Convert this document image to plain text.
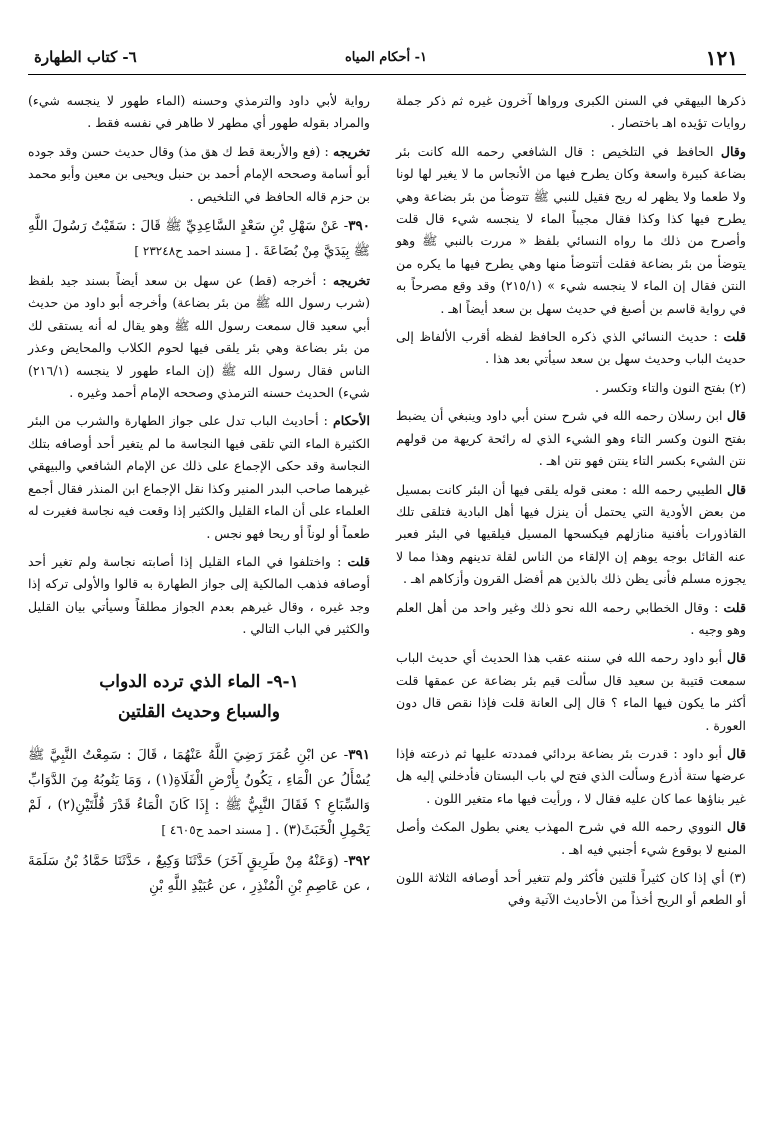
١٢١
١- أحكام المياه
٦- كتاب الطهارة

ذكرها البيهقي في السنن الكبرى ورواها آخرون غيره ثم ذكر جملة روايات تؤيده اهـ باختصار .

وقال الحافظ في التلخيص : قال الشافعي رحمه الله كانت بئر بضاعة كبيرة واسعة وكان يطرح فيها من الأنجاس ما لا يغير لها لونا ولا طعما ولا يظهر له ريح فقيل للنبي ﷺ تتوضأ من بئر بضاعة وهي يطرح فيها كذا وكذا فقال مجيباً الماء لا ينجسه شيء قال قلت وأصرح من ذلك ما رواه النسائي بلفظ « مررت بالنبي ﷺ وهو يتوضأ من بئر بضاعة فقلت أتتوضأ منها وهي يطرح فيها ما يكره من النتن فقال إن الماء لا ينجسه شيء » (٢١٥/١) وقد وقع مصرحاً به في رواية قاسم بن أصبغ في حديث سهل بن سعد أيضاً اهـ .

قلت : حديث النسائي الذي ذكره الحافظ لفظه أقرب الألفاظ إلى حديث الباب وحديث سهل بن سعد سيأتي بعد هذا .

(٢) بفتح النون والتاء وتكسر .

قال ابن رسلان رحمه الله في شرح سنن أبي داود وينبغي أن يضبط بفتح النون وكسر التاء وهو الشيء الذي له رائحة كريهة من قولهم نتن الشيء بكسر التاء ينتن فهو نتن اهـ .

قال الطيبي رحمه الله : معنى قوله يلقى فيها أن البئر كانت بمسيل من بعض الأودية التي يحتمل أن ينزل فيها أهل البادية فتلقى تلك القاذورات بأفنية منازلهم فيكسحها المسيل فيلقيها في البئر فعبر عنه القائل بوجه يوهم إن الإلقاء من الناس لقلة تدينهم وهذا مما لا يجوزه مسلم فأنى يظن ذلك بالذين هم أفضل القرون وأزكاهم اهـ .

قلت : وقال الخطابي رحمه الله نحو ذلك وغير واحد من أهل العلم وهو وجيه .

قال أبو داود رحمه الله في سننه عقب هذا الحديث أي حديث الباب سمعت قتيبة بن سعيد قال سألت قيم بئر بضاعة عن عمقها قلت أكثر ما يكون فيها الماء ؟ قال إلى العانة قلت فإذا نقص قال دون العورة .

قال أبو داود : قدرت بئر بضاعة بردائي فمددته عليها ثم ذرعته فإذا عرضها ستة أذرع وسألت الذي فتح لي باب البستان فأدخلني إليه هل غير بناؤها عما كان عليه فقال لا ، ورأيت فيها ماء متغير اللون .

قال النووي رحمه الله في شرح المهذب يعني بطول المكث وأصل المنبع لا بوقوع شيء أجنبي فيه اهـ .

(٣) أي إذا كان كثيراً قلتين فأكثر ولم تتغير أحد أوصافه الثلاثة اللون أو الطعم أو الريح أخذاً من الأحاديث الآتية وفي

رواية لأبي داود والترمذي وحسنه (الماء طهور لا ينجسه شيء) والمراد بقوله طهور أي مطهر لا طاهر في نفسه فقط .

تخريجه : (فع والأربعة قط ك هق مذ) وقال حديث حسن وقد جوده أبو أسامة وصححه الإمام أحمد بن حنبل ويحيى بن معين وأبو محمد بن حزم قاله الحافظ في التلخيص .

٣٩٠- عَنْ سَهْلِ بْنِ سَعْدٍ السَّاعِدِيِّ ﷺ قَالَ : سَقَيْتُ رَسُولَ اللَّهِ ﷺ بِيَدَيَّ مِنْ بُضَاعَةَ . [ مسند احمد ح٢٣٢٤٨ ]

تخريجه : أخرجه (قط) عن سهل بن سعد أيضاً بسند جيد بلفظ (شرب رسول الله ﷺ من بئر بضاعة) وأخرجه أبو داود من حديث أبي سعيد قال سمعت رسول الله ﷺ وهو يقال له أنه يستقى لك من بئر بضاعة وهي بئر يلقى فيها لحوم الكلاب والمحايض وعذر الناس فقال رسول الله ﷺ (إن الماء طهور لا ينجسه (٢١٦/١) شيء) الحديث حسنه الترمذي وصححه الإمام أحمد وغيره .

الأحكام : أحاديث الباب تدل على جواز الطهارة والشرب من البئر الكثيرة الماء التي تلقى فيها النجاسة ما لم يتغير أحد أوصافه بتلك النجاسة وقد حكى الإجماع على ذلك عن الإمام الشافعي والبيهقي غيرهما صاحب البدر المنير وكذا نقل الإجماع ابن المنذر فقال أجمع العلماء على أن الماء القليل والكثير إذا وقعت فيه نجاسة فغيرت له طعماً أو لوناً أو ريحا فهو نجس .

قلت : واختلفوا في الماء القليل إذا أصابته نجاسة ولم تغير أحد أوصافه فذهب المالكية إلى جواز الطهارة به قالوا والأولى تركه إذا وجد غيره ، وقال غيرهم بعدم الجواز مطلقاً وسيأتي بيان القليل والكثير في الباب التالي .

١-٩- الماء الذي ترده الدواب
والسباع وحديث القلتين

٣٩١- عن ابْنِ عُمَرَ رَضِيَ اللَّهُ عَنْهُمَا ، قَالَ : سَمِعْتُ النَّبِيَّ ﷺ يُسْأَلُ عن الْمَاءِ ، يَكُونُ بِأَرْضِ الْفَلَاةِ(١) ، وَمَا يَنُوبُهُ مِنَ الدَّوَابِّ وَالسِّبَاعِ ؟ فَقَالَ النَّبِيُّ ﷺ : إِذَا كَانَ الْمَاءُ قَدْرَ قُلَّتَيْنِ(٢) ، لَمْ يَحْمِلِ الْخَبَثَ(٣) . [ مسند احمد ح٤٦٠٥ ]

٣٩٢- (وَعَنْهُ مِنْ طَرِيقٍ آخَرَ) حَدَّثَنَا وَكِيعٌ ، حَدَّثَنَا حَمَّادُ بْنُ سَلَمَةَ ، عن عَاصِمِ بْنِ الْمُنْذِرِ ، عن عُبَيْدِ اللَّهِ بْنِ
